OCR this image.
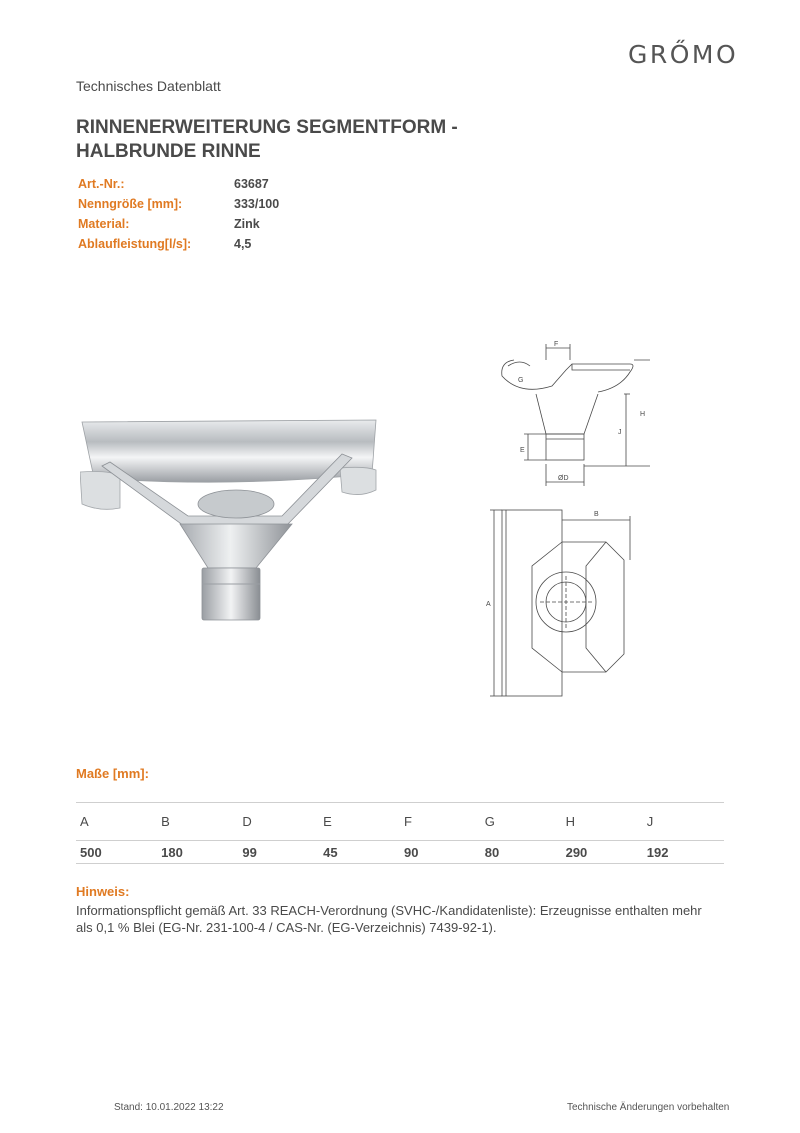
GRŐMO
Technisches Datenblatt
RINNENERWEITERUNG SEGMENTFORM - HALBRUNDE RINNE
Art.-Nr.:	63687
Nenngröße [mm]:	333/100
Material:	Zink
Ablaufleistung[l/s]:	4,5
F
G
H
J
E
ØD
A
B
Maße [mm]:
A	B	D	E	F	G	H	J
500	180	99	45	90	80	290	192
Hinweis:
Informationspflicht gemäß Art. 33 REACH-Verordnung (SVHC-/Kandidatenliste): Erzeugnisse enthalten mehr als 0,1 % Blei (EG-Nr. 231-100-4 / CAS-Nr. (EG-Verzeichnis) 7439-92-1).
Stand: 10.01.2022 13:22	Technische Änderungen vorbehalten
